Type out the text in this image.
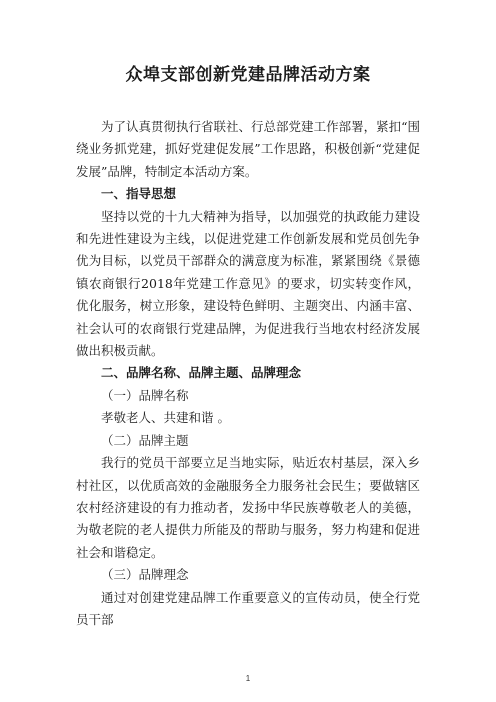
众埠支部创新党建品牌活动方案

为了认真贯彻执行省联社、行总部党建工作部署，紧扣“围绕业务抓党建，抓好党建促发展”工作思路，积极创新“党建促发展”品牌，特制定本活动方案。

一、指导思想

坚持以党的十九大精神为指导，以加强党的执政能力建设和先进性建设为主线，以促进党建工作创新发展和党员创先争优为目标，以党员干部群众的满意度为标准，紧紧围绕《景德镇农商银行2018年党建工作意见》的要求，切实转变作风，优化服务，树立形象，建设特色鲜明、主题突出、内涵丰富、社会认可的农商银行党建品牌，为促进我行当地农村经济发展做出积极贡献。

二、品牌名称、品牌主题、品牌理念

（一）品牌名称

孝敬老人、共建和谐 。

（二）品牌主题

我行的党员干部要立足当地实际，贴近农村基层，深入乡村社区，以优质高效的金融服务全力服务社会民生；要做辖区农村经济建设的有力推动者，发扬中华民族尊敬老人的美德，为敬老院的老人提供力所能及的帮助与服务，努力构建和促进社会和谐稳定。

（三）品牌理念

通过对创建党建品牌工作重要意义的宣传动员，使全行党员干部

1
